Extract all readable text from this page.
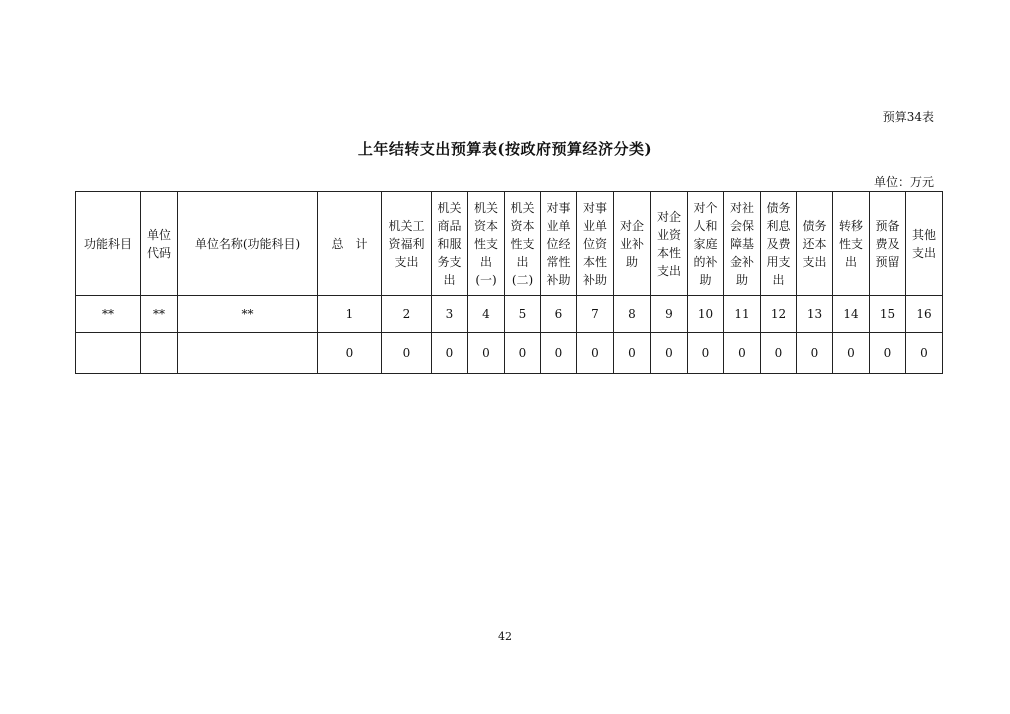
预算34表
上年结转支出预算表(按政府预算经济分类)
单位：万元
功能科目	单位代码	单位名称(功能科目)	总　计	机关工资福利支出	机关商品和服务支出	机关资本性支出(一)	机关资本性支出(二)	对事业单位经常性补助	对事业单位资本性补助	对企业补助	对企业资本性支出	对个人和家庭的补助	对社会保障基金补助	债务利息及费用支出	债务还本支出	转移性支出	预备费及预留	其他支出
**	**	**	1	2	3	4	5	6	7	8	9	10	11	12	13	14	15	16
			0	0	0	0	0	0	0	0	0	0	0	0	0	0	0	0
42
